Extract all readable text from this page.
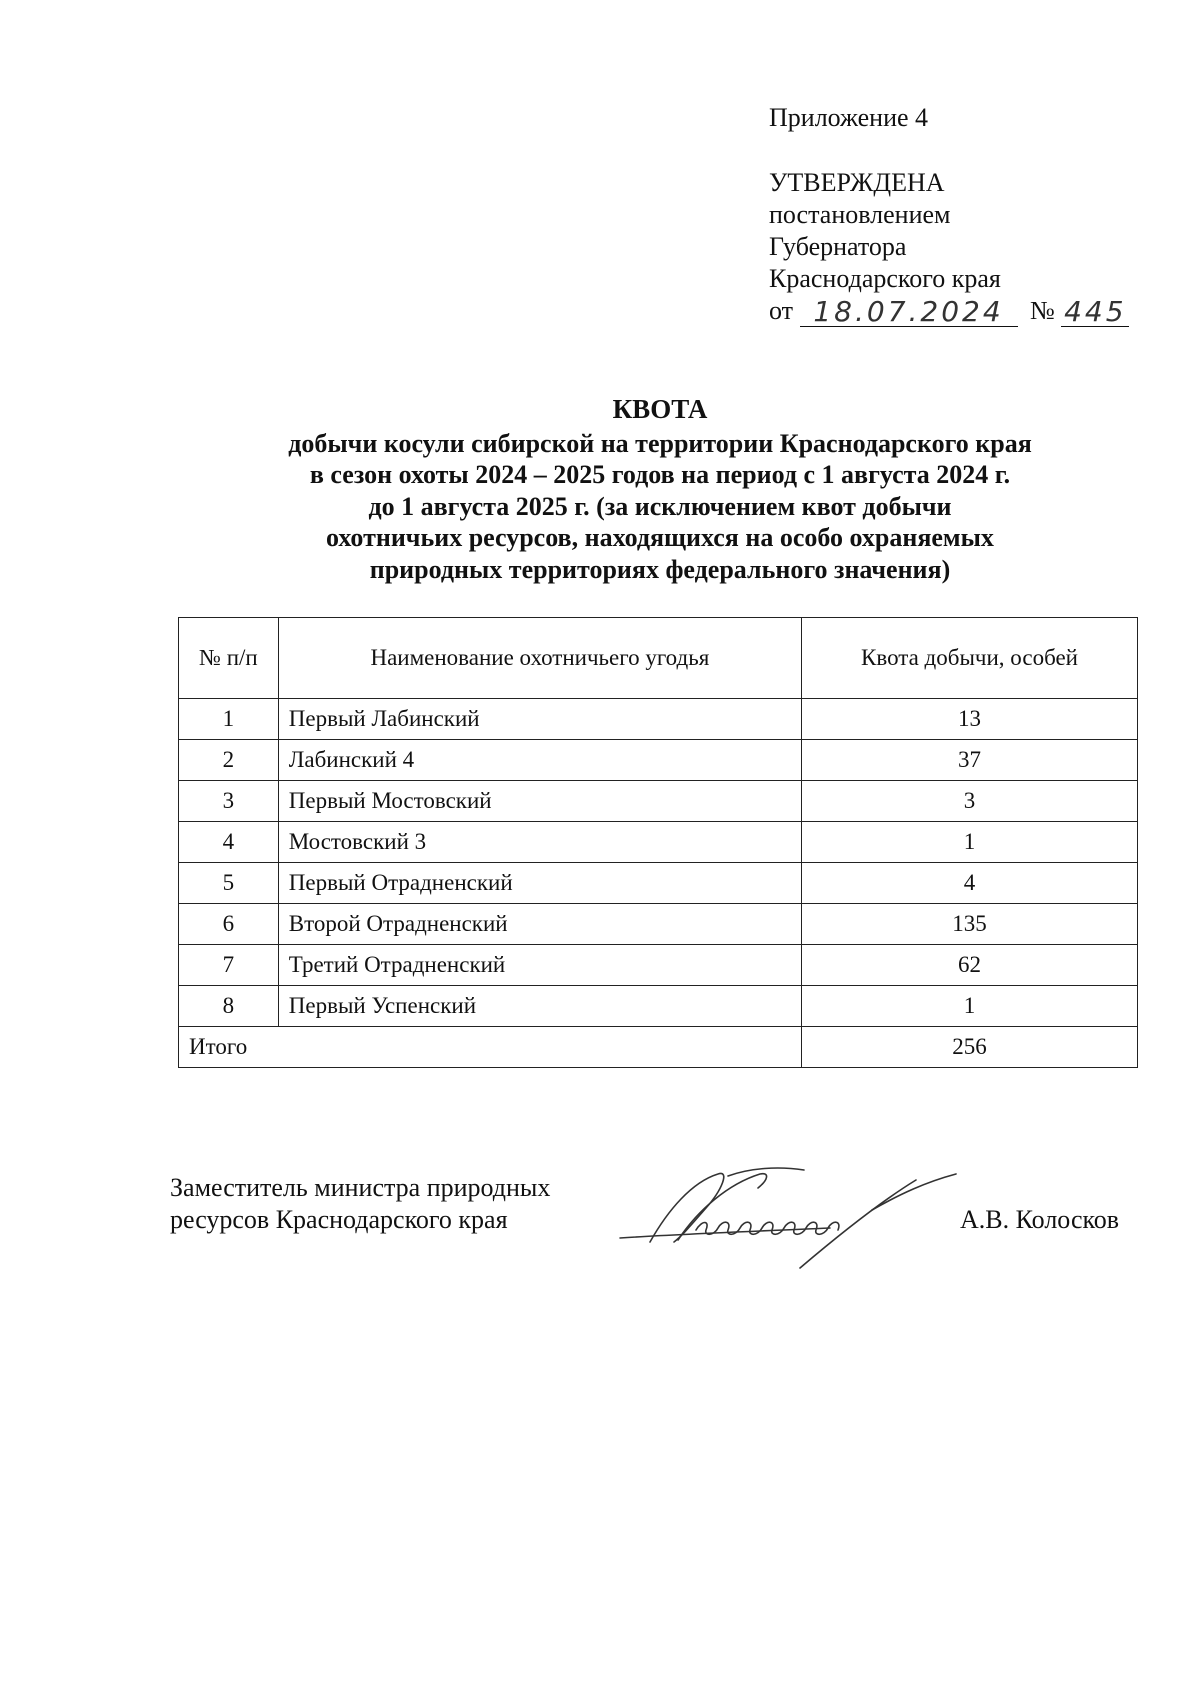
Приложение 4
УТВЕРЖДЕНА
постановлением
Губернатора
Краснодарского края
от 18.07.2024 № 445
КВОТА
добычи косули сибирской на территории Краснодарского края
в сезон охоты 2024 – 2025 годов на период с 1 августа 2024 г.
до 1 августа 2025 г. (за исключением квот добычи
охотничьих ресурсов, находящихся на особо охраняемых
природных территориях федерального значения)
№ п/п	Наименование охотничьего угодья	Квота добычи, особей
1	Первый Лабинский	13
2	Лабинский 4	37
3	Первый Мостовский	3
4	Мостовский 3	1
5	Первый Отрадненский	4
6	Второй Отрадненский	135
7	Третий Отрадненский	62
8	Первый Успенский	1
Итого		256
Заместитель министра природных
ресурсов Краснодарского края	А.В. Колосков
